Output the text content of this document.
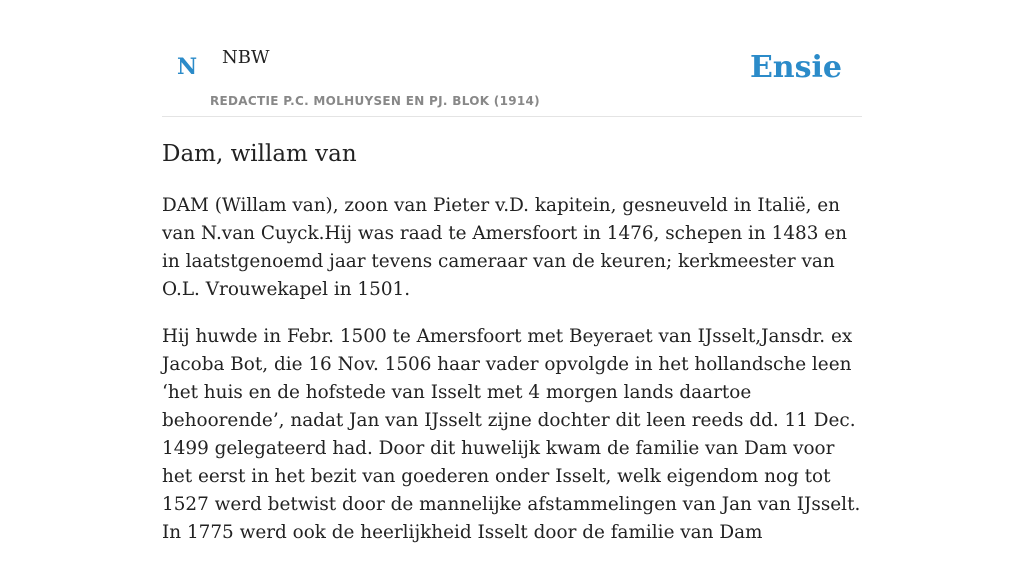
N NBW
REDACTIE P.C. MOLHUYSEN EN PJ. BLOK (1914)
Ensie
Dam, willam van

DAM (Willam van), zoon van Pieter v.D. kapitein, gesneuveld in Italië, en van N.van Cuyck.Hij was raad te Amersfoort in 1476, schepen in 1483 en in laatstgenoemd jaar tevens cameraar van de keuren; kerkmeester van O.L. Vrouwekapel in 1501.

Hij huwde in Febr. 1500 te Amersfoort met Beyeraet van IJsselt,Jansdr. ex Jacoba Bot, die 16 Nov. 1506 haar vader opvolgde in het hollandsche leen ‘het huis en de hofstede van Isselt met 4 morgen lands daartoe behoorende’, nadat Jan van IJsselt zijne dochter dit leen reeds dd. 11 Dec. 1499 gelegateerd had. Door dit huwelijk kwam de familie van Dam voor het eerst in het bezit van goederen onder Isselt, welk eigendom nog tot 1527 werd betwist door de mannelijke afstammelingen van Jan van IJsselt. In 1775 werd ook de heerlijkheid Isselt door de familie van Dam
